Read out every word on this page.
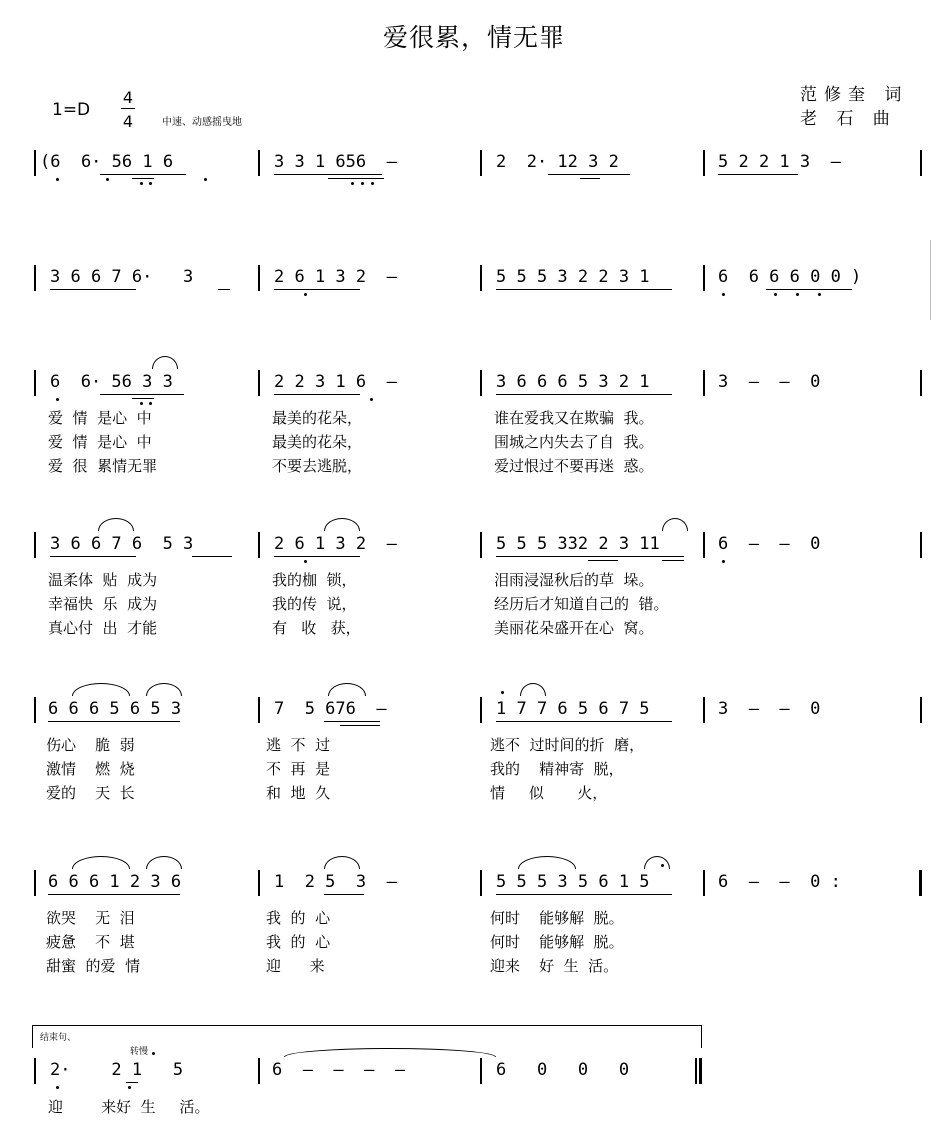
爱很累，情无罪
范修奎 词
老 石 曲
1=D
4
4	中速、动感摇曳地
(6  6· 56 1 6	3 3 1 656  –	2  2· 12 3 2	5 2 2 1 3  –
3 6 6 7 6·   3	2 6 1 3 2  –	5 5 5 3 2 2 3 1	6  6 6 6 0 0 )
6  6· 56 3 3	2 2 3 1 6  –	3 6 6 6 5 3 2 1	3  –  –  0
爱  情  是心  中	最美的花朵，	谁在爱我又在欺骗  我。
爱  情  是心  中	最美的花朵，	围城之内失去了自  我。
爱  很  累情无罪	不要去逃脱，	爱过恨过不要再迷  惑。
3 6 6 7 6  5 3	2 6 1 3 2  –	5 5 5 332 2 3 11	6  –  –  0
温柔体  贴  成为	我的枷  锁，	泪雨浸湿秋后的草  垛。
幸福快  乐  成为	我的传  说，	经历后才知道自己的  错。
真心付  出  才能	有   收   获，	美丽花朵盛开在心  窝。
6 6 6 5 6 5 3	7  5 676  –	1 7 7 6 5 6 7 5	3  –  –  0
伤心    脆  弱	逃  不  过	逃不  过时间的折  磨，
激情    燃  烧	不  再  是	我的    精神寄  脱，
爱的    天  长	和  地  久	情     似       火，
6 6 6 1 2 3 6	1  2 5  3  –	5 5 5 3 5 6 1 5	6  –  –  0 :
欲哭    无  泪	我  的  心	何时    能够解  脱。
疲惫    不  堪	我  的  心	何时    能够解  脱。
甜蜜  的爱  情	迎      来	迎来    好  生  活。
结束句、
转慢
2·    2 1   5	6  –  –  –  –	6   0   0   0
迎        来好  生     活。
